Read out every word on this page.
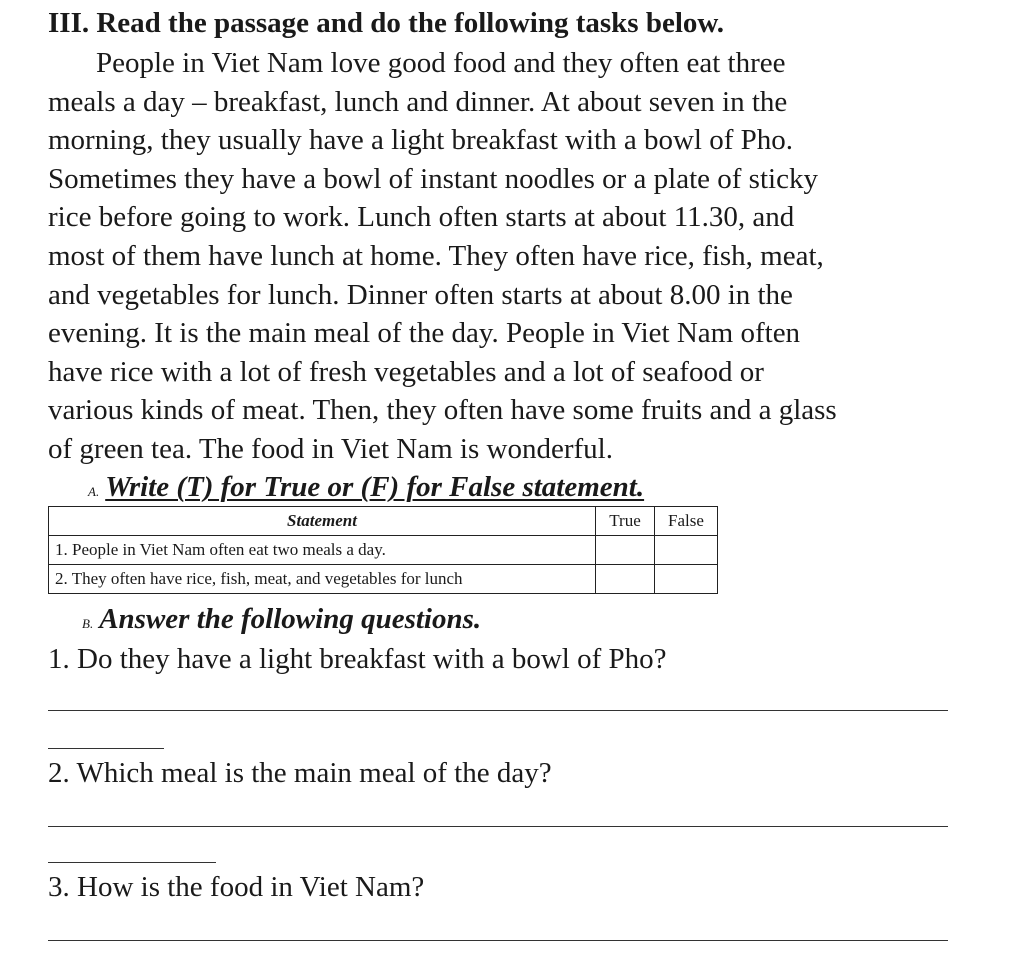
III. Read the passage and do the following tasks below.
People in Viet Nam love good food and they often eat three
meals a day – breakfast, lunch and dinner. At about seven in the
morning, they usually have a light breakfast with a bowl of Pho.
Sometimes they have a bowl of instant noodles or a plate of sticky
rice before going to work. Lunch often starts at about 11.30, and
most of them have lunch at home. They often have rice, fish, meat,
and vegetables for lunch. Dinner often starts at about 8.00 in the
evening. It is the main meal of the day. People in Viet Nam often
have rice with a lot of fresh vegetables and a lot of seafood or
various kinds of meat. Then, they often have some fruits and a glass
of green tea. The food in Viet Nam is wonderful.
A. Write (T) for True or (F) for False statement.
Statement	True	False
1. People in Viet Nam often eat two meals a day.		
2. They often have rice, fish, meat, and vegetables for lunch		
B. Answer the following questions.
1. Do they have a light breakfast with a bowl of Pho?
2. Which meal is the main meal of the day?
3. How is the food in Viet Nam?
